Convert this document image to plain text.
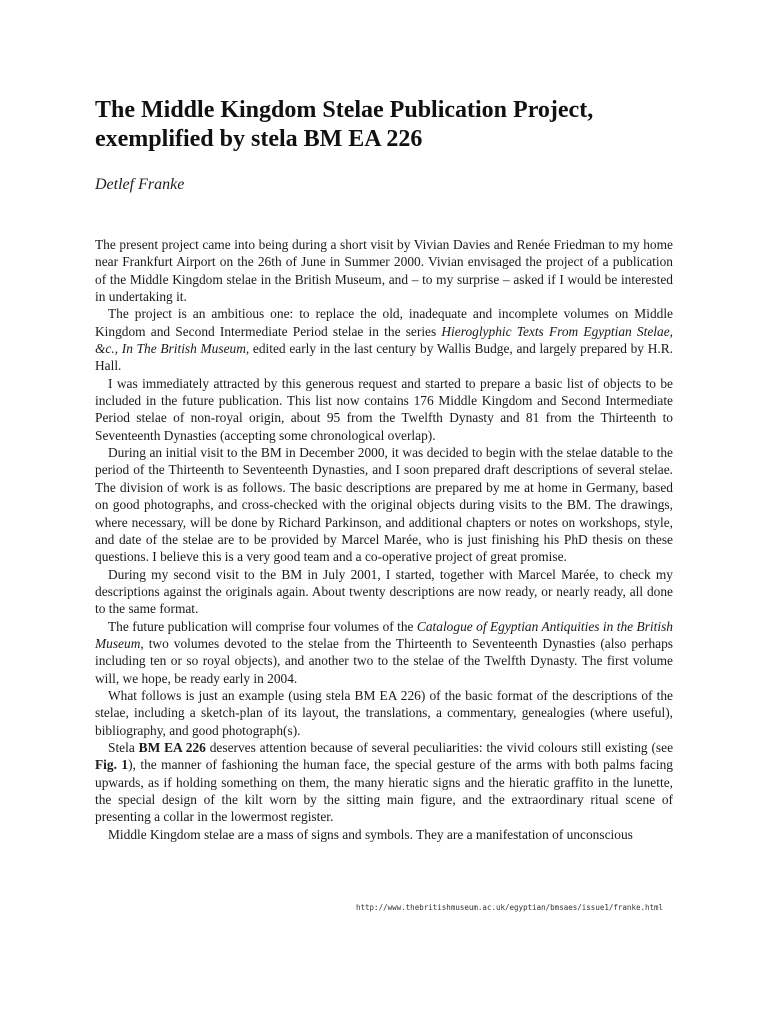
The Middle Kingdom Stelae Publication Project, exemplified by stela BM EA 226
Detlef Franke

The present project came into being during a short visit by Vivian Davies and Renée Friedman to my home near Frankfurt Airport on the 26th of June in Summer 2000. Vivian envisaged the project of a publication of the Middle Kingdom stelae in the British Museum, and – to my surprise – asked if I would be interested in undertaking it.

The project is an ambitious one: to replace the old, inadequate and incomplete volumes on Middle Kingdom and Second Intermediate Period stelae in the series Hieroglyphic Texts From Egyptian Stelae, &c., In The British Museum, edited early in the last century by Wallis Budge, and largely prepared by H.R. Hall.

I was immediately attracted by this generous request and started to prepare a basic list of objects to be included in the future publication. This list now contains 176 Middle Kingdom and Second Intermediate Period stelae of non-royal origin, about 95 from the Twelfth Dynasty and 81 from the Thirteenth to Seventeenth Dynasties (accepting some chronological overlap).

During an initial visit to the BM in December 2000, it was decided to begin with the stelae datable to the period of the Thirteenth to Seventeenth Dynasties, and I soon prepared draft descriptions of several stelae. The division of work is as follows. The basic descriptions are prepared by me at home in Germany, based on good photographs, and cross-checked with the original objects during visits to the BM. The drawings, where necessary, will be done by Richard Parkinson, and additional chapters or notes on workshops, style, and date of the stelae are to be provided by Marcel Marée, who is just finishing his PhD thesis on these questions. I believe this is a very good team and a co-operative project of great promise.

During my second visit to the BM in July 2001, I started, together with Marcel Marée, to check my descriptions against the originals again. About twenty descriptions are now ready, or nearly ready, all done to the same format.

The future publication will comprise four volumes of the Catalogue of Egyptian Antiquities in the British Museum, two volumes devoted to the stelae from the Thirteenth to Seventeenth Dynasties (also perhaps including ten or so royal objects), and another two to the stelae of the Twelfth Dynasty. The first volume will, we hope, be ready early in 2004.

What follows is just an example (using stela BM EA 226) of the basic format of the descriptions of the stelae, including a sketch-plan of its layout, the translations, a commentary, genealogies (where useful), bibliography, and good photograph(s).

Stela BM EA 226 deserves attention because of several peculiarities: the vivid colours still existing (see Fig. 1), the manner of fashioning the human face, the special gesture of the arms with both palms facing upwards, as if holding something on them, the many hieratic signs and the hieratic graffito in the lunette, the special design of the kilt worn by the sitting main figure, and the extraordinary ritual scene of presenting a collar in the lowermost register.

Middle Kingdom stelae are a mass of signs and symbols. They are a manifestation of unconscious

http://www.thebritishmuseum.ac.uk/egyptian/bmsaes/issue1/franke.html
